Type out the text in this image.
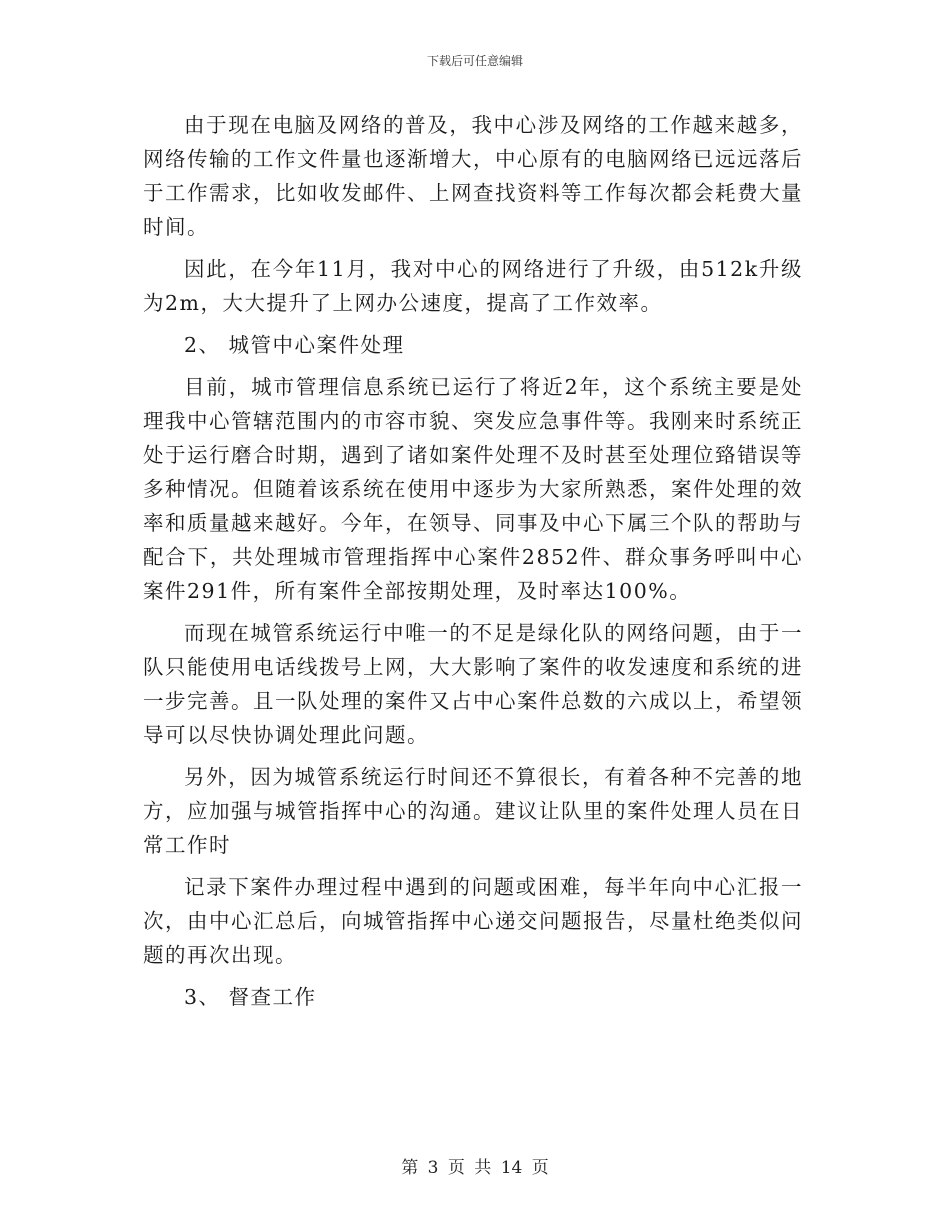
下载后可任意编辑

由于现在电脑及网络的普及，我中心涉及网络的工作越来越多，网络传输的工作文件量也逐渐增大，中心原有的电脑网络已远远落后于工作需求，比如收发邮件、上网查找资料等工作每次都会耗费大量时间。

因此，在今年11月，我对中心的网络进行了升级，由512k升级为2m，大大提升了上网办公速度，提高了工作效率。

2、 城管中心案件处理

目前，城市管理信息系统已运行了将近2年，这个系统主要是处理我中心管辖范围内的市容市貌、突发应急事件等。我刚来时系统正处于运行磨合时期，遇到了诸如案件处理不及时甚至处理位臵错误等多种情况。但随着该系统在使用中逐步为大家所熟悉，案件处理的效率和质量越来越好。今年，在领导、同事及中心下属三个队的帮助与配合下，共处理城市管理指挥中心案件2852件、群众事务呼叫中心案件291件，所有案件全部按期处理，及时率达100%。

而现在城管系统运行中唯一的不足是绿化队的网络问题，由于一队只能使用电话线拨号上网，大大影响了案件的收发速度和系统的进一步完善。且一队处理的案件又占中心案件总数的六成以上，希望领导可以尽快协调处理此问题。

另外，因为城管系统运行时间还不算很长，有着各种不完善的地方，应加强与城管指挥中心的沟通。建议让队里的案件处理人员在日常工作时

记录下案件办理过程中遇到的问题或困难，每半年向中心汇报一次，由中心汇总后，向城管指挥中心递交问题报告，尽量杜绝类似问题的再次出现。

3、 督查工作

第 3 页 共 14 页
